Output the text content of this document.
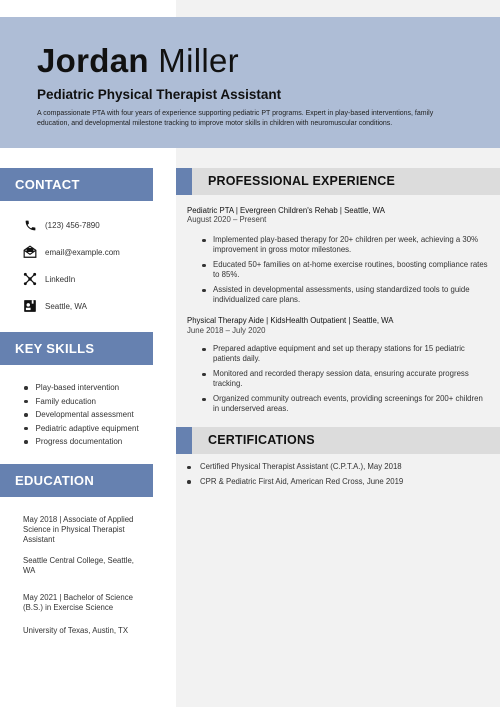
Jordan Miller
Pediatric Physical Therapist Assistant
A compassionate PTA with four years of experience supporting pediatric PT programs. Expert in play-based interventions, family education, and developmental milestone tracking to improve motor skills in children with neuromuscular conditions.
CONTACT
(123) 456-7890
email@example.com
LinkedIn
Seattle, WA
KEY SKILLS
Play-based intervention
Family education
Developmental assessment
Pediatric adaptive equipment
Progress documentation
EDUCATION
May 2018 | Associate of Applied Science in Physical Therapist Assistant
Seattle Central College, Seattle, WA
May 2021 | Bachelor of Science (B.S.) in Exercise Science
University of Texas, Austin, TX
PROFESSIONAL EXPERIENCE
Pediatric PTA | Evergreen Children's Rehab | Seattle, WA
August 2020 – Present
Implemented play-based therapy for 20+ children per week, achieving a 30% improvement in gross motor milestones.
Educated 50+ families on at-home exercise routines, boosting compliance rates to 85%.
Assisted in developmental assessments, using standardized tools to guide individualized care plans.
Physical Therapy Aide | KidsHealth Outpatient | Seattle, WA
June 2018 – July 2020
Prepared adaptive equipment and set up therapy stations for 15 pediatric patients daily.
Monitored and recorded therapy session data, ensuring accurate progress tracking.
Organized community outreach events, providing screenings for 200+ children in underserved areas.
CERTIFICATIONS
Certified Physical Therapist Assistant (C.P.T.A.), May 2018
CPR & Pediatric First Aid, American Red Cross, June 2019
